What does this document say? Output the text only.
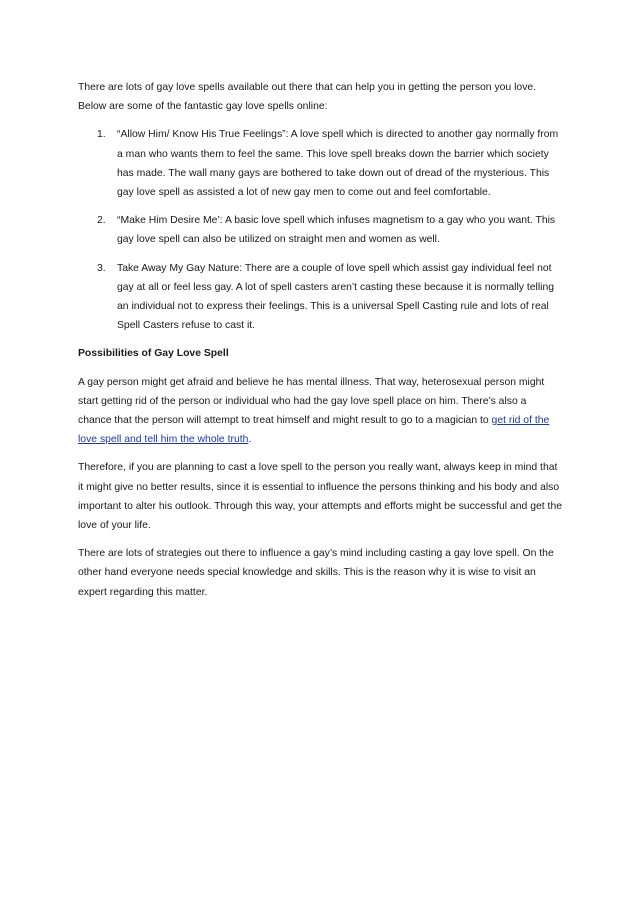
There are lots of gay love spells available out there that can help you in getting the person you love. Below are some of the fantastic gay love spells online:

1. “Allow Him/ Know His True Feelings”: A love spell which is directed to another gay normally from a man who wants them to feel the same. This love spell breaks down the barrier which society has made. The wall many gays are bothered to take down out of dread of the mysterious. This gay love spell as assisted a lot of new gay men to come out and feel comfortable.
2. “Make Him Desire Me’: A basic love spell which infuses magnetism to a gay who you want. This gay love spell can also be utilized on straight men and women as well.
3. Take Away My Gay Nature: There are a couple of love spell which assist gay individual feel not gay at all or feel less gay. A lot of spell casters aren’t casting these because it is normally telling an individual not to express their feelings. This is a universal Spell Casting rule and lots of real Spell Casters refuse to cast it.

Possibilities of Gay Love Spell

A gay person might get afraid and believe he has mental illness. That way, heterosexual person might start getting rid of the person or individual who had the gay love spell place on him. There’s also a chance that the person will attempt to treat himself and might result to go to a magician to get rid of the love spell and tell him the whole truth.

Therefore, if you are planning to cast a love spell to the person you really want, always keep in mind that it might give no better results, since it is essential to influence the persons thinking and his body and also important to alter his outlook. Through this way, your attempts and efforts might be successful and get the love of your life.

There are lots of strategies out there to influence a gay’s mind including casting a gay love spell. On the other hand everyone needs special knowledge and skills. This is the reason why it is wise to visit an expert regarding this matter.
